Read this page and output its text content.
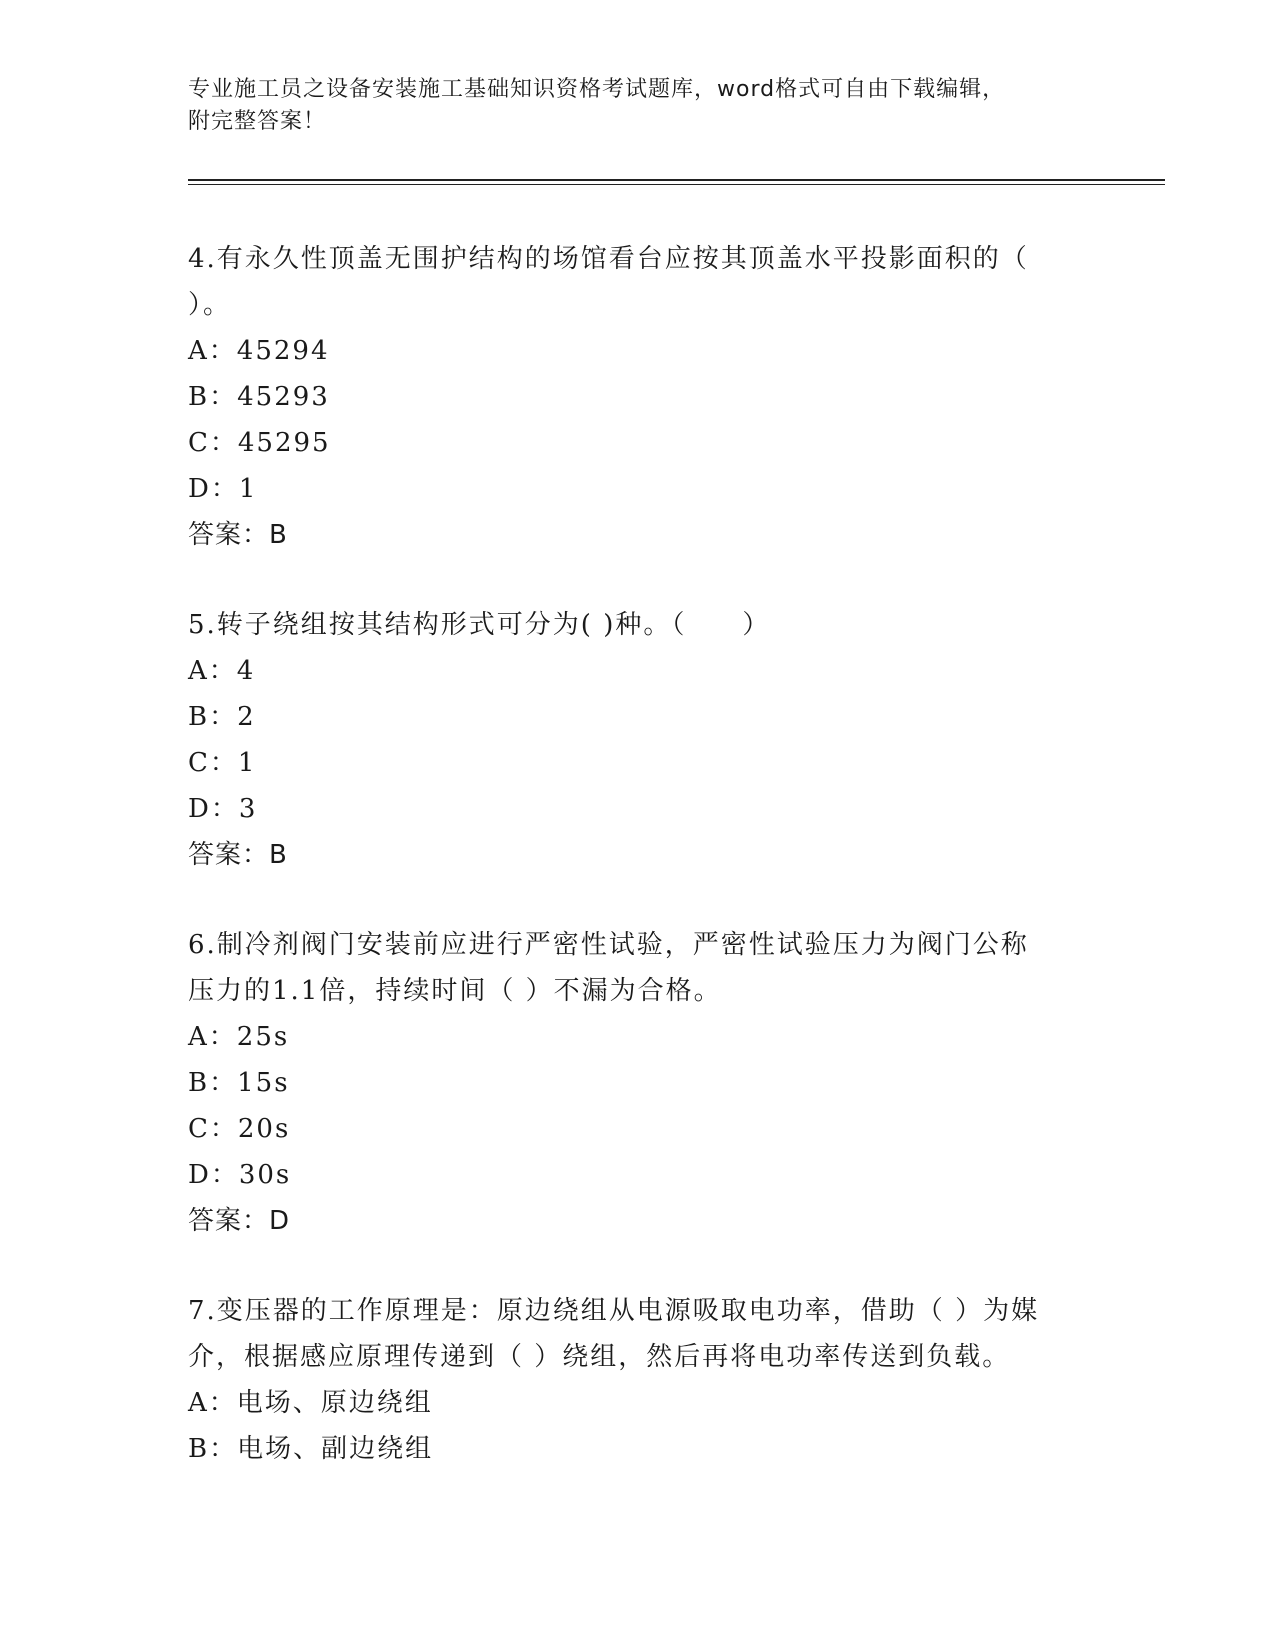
专业施工员之设备安装施工基础知识资格考试题库，word格式可自由下载编辑，
附完整答案！
4.有永久性顶盖无围护结构的场馆看台应按其顶盖水平投影面积的（
）。
A：45294
B：45293
C：45295
D：1
答案：B
5.转子绕组按其结构形式可分为( )种。（　　）
A：4
B：2
C：1
D：3
答案：B
6.制冷剂阀门安装前应进行严密性试验，严密性试验压力为阀门公称
压力的1.1倍，持续时间（ ）不漏为合格。
A：25s
B：15s
C：20s
D：30s
答案：D
7.变压器的工作原理是：原边绕组从电源吸取电功率，借助（ ）为媒
介，根据感应原理传递到（ ）绕组，然后再将电功率传送到负载。
A：电场、原边绕组
B：电场、副边绕组
